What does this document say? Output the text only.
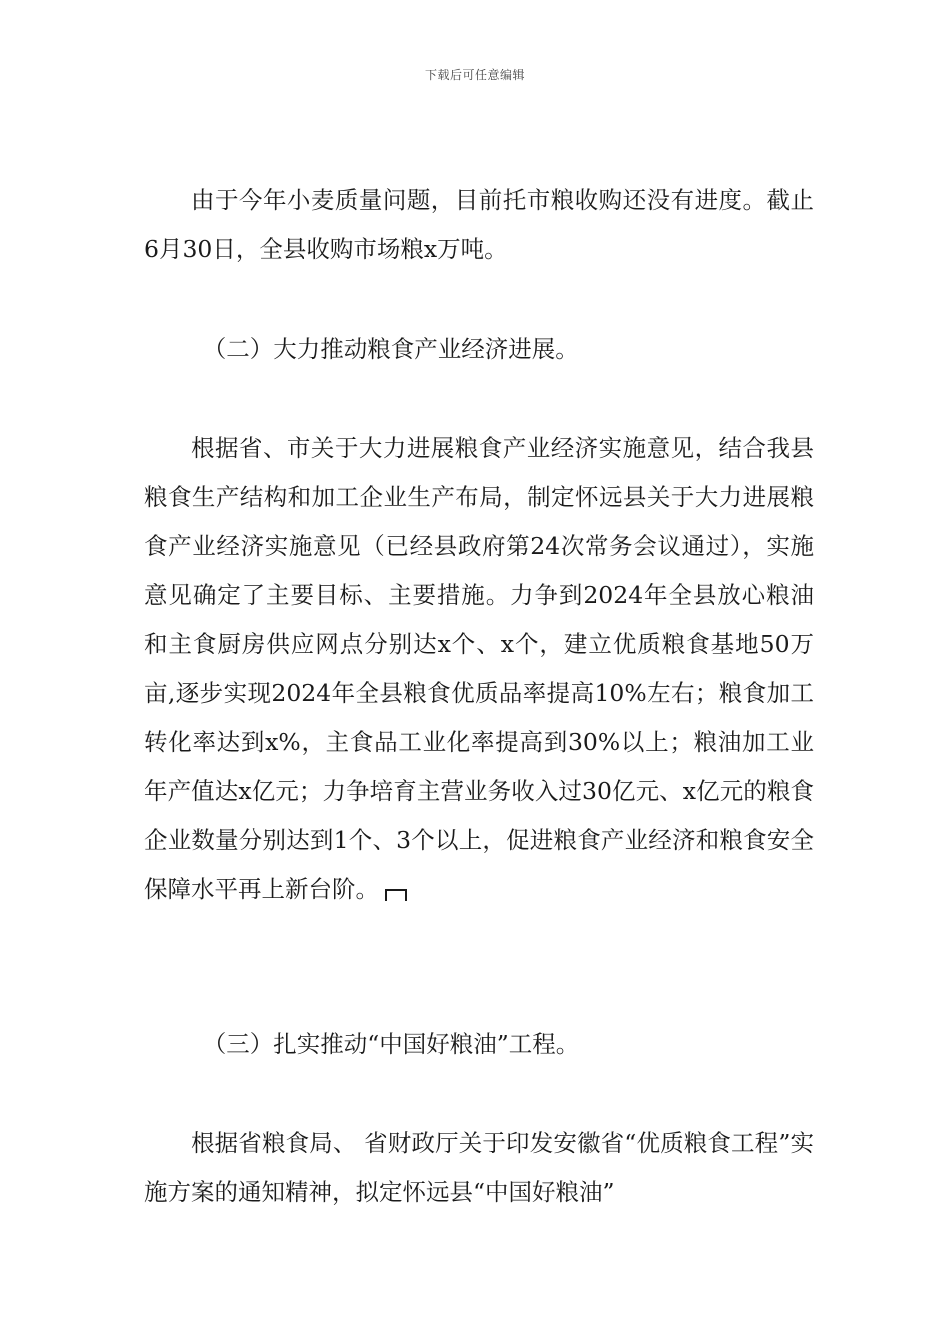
下载后可任意编辑

由于今年小麦质量问题，目前托市粮收购还没有进度。截止6月30日，全县收购市场粮x万吨。

（二）大力推动粮食产业经济进展。

根据省、市关于大力进展粮食产业经济实施意见，结合我县粮食生产结构和加工企业生产布局，制定怀远县关于大力进展粮食产业经济实施意见（已经县政府第24次常务会议通过），实施意见确定了主要目标、主要措施。力争到2024年全县放心粮油和主食厨房供应网点分别达x个、x个，建立优质粮食基地50万亩,逐步实现2024年全县粮食优质品率提高10%左右；粮食加工转化率达到x%，主食品工业化率提高到30%以上；粮油加工业年产值达x亿元；力争培育主营业务收入过30亿元、x亿元的粮食企业数量分别达到1个、3个以上，促进粮食产业经济和粮食安全保障水平再上新台阶。

（三）扎实推动“中国好粮油”工程。

根据省粮食局、 省财政厅关于印发安徽省“优质粮食工程”实施方案的通知精神，拟定怀远县“中国好粮油”
